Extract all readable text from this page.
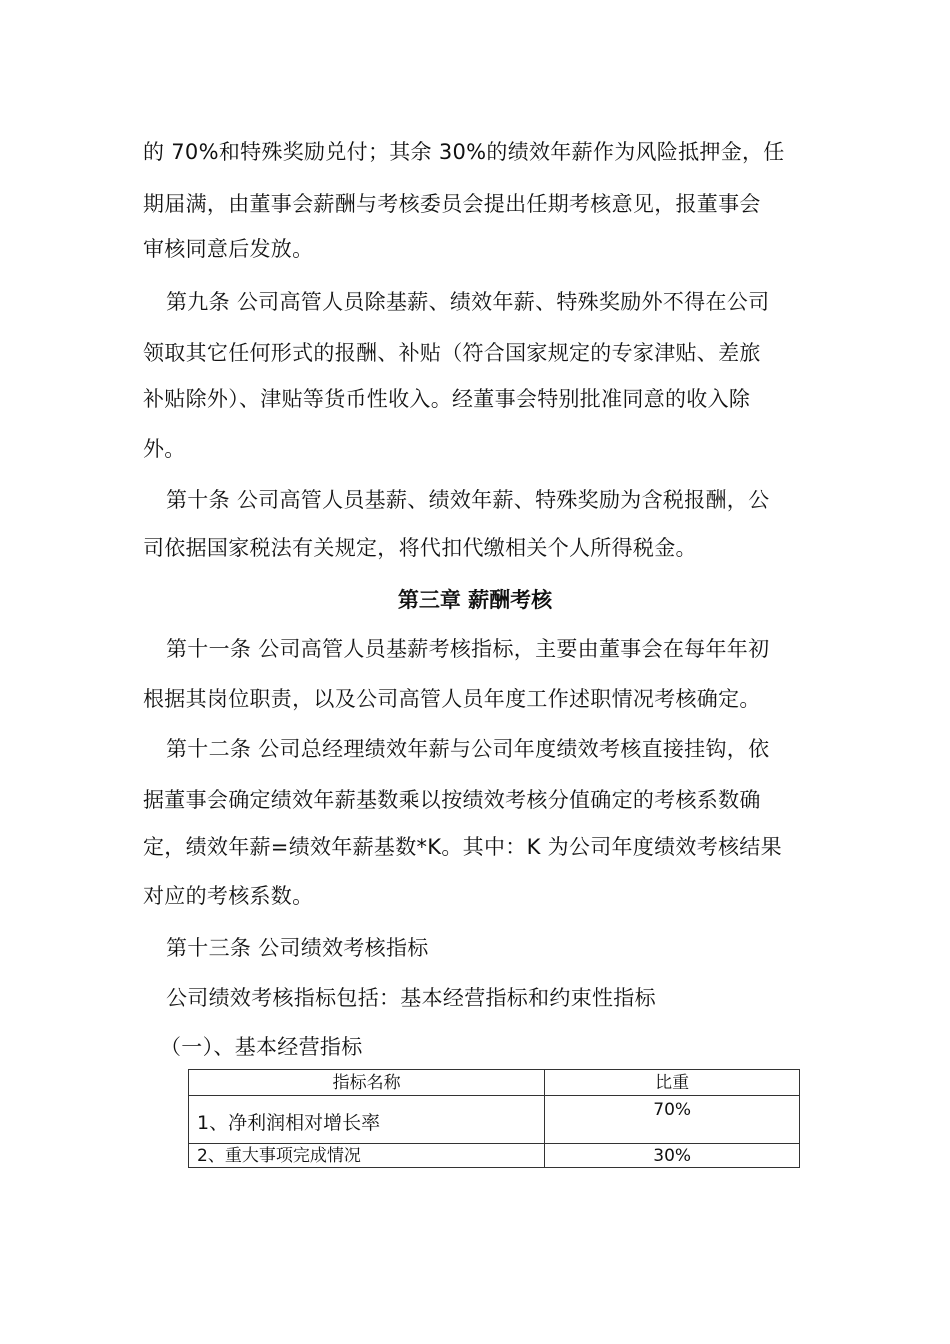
的 70%和特殊奖励兑付；其余 30%的绩效年薪作为风险抵押金，任
期届满，由董事会薪酬与考核委员会提出任期考核意见，报董事会
审核同意后发放。
第九条 公司高管人员除基薪、绩效年薪、特殊奖励外不得在公司
领取其它任何形式的报酬、补贴（符合国家规定的专家津贴、差旅
补贴除外）、津贴等货币性收入。经董事会特别批准同意的收入除
外。
第十条 公司高管人员基薪、绩效年薪、特殊奖励为含税报酬，公
司依据国家税法有关规定，将代扣代缴相关个人所得税金。
第三章 薪酬考核
第十一条 公司高管人员基薪考核指标，主要由董事会在每年年初
根据其岗位职责，以及公司高管人员年度工作述职情况考核确定。
第十二条 公司总经理绩效年薪与公司年度绩效考核直接挂钩，依
据董事会确定绩效年薪基数乘以按绩效考核分值确定的考核系数确
定，绩效年薪=绩效年薪基数*K。其中：K 为公司年度绩效考核结果
对应的考核系数。
第十三条 公司绩效考核指标
公司绩效考核指标包括：基本经营指标和约束性指标
（一）、基本经营指标
指标名称	比重
1、净利润相对增长率	70%
2、重大事项完成情况	30%
